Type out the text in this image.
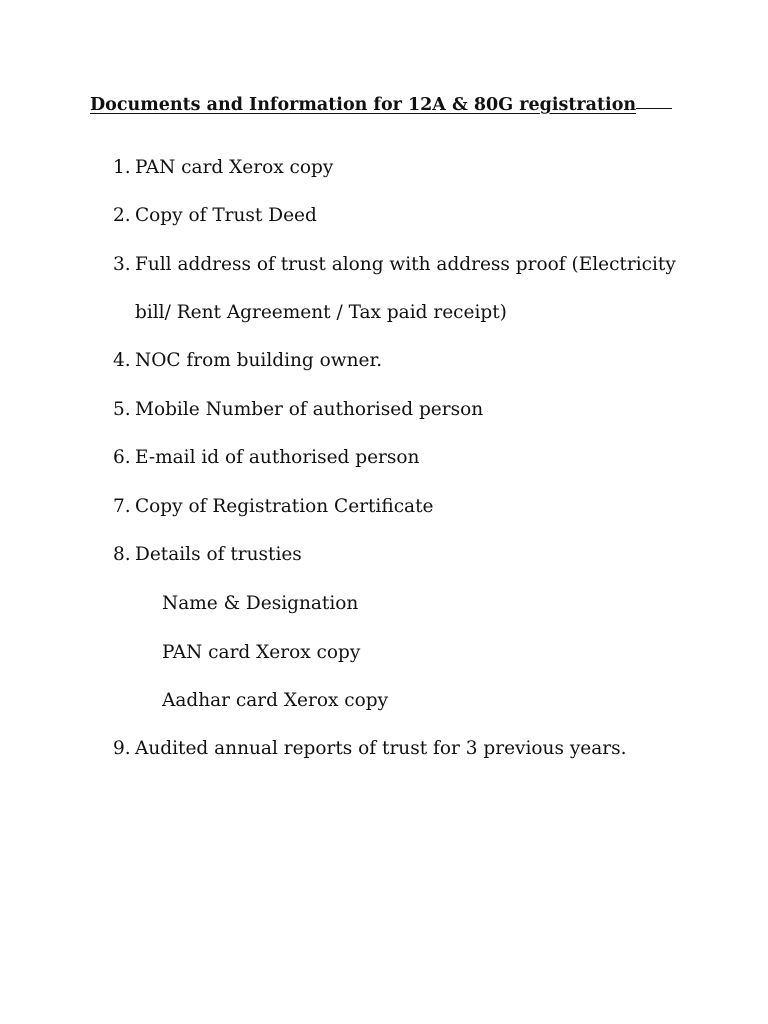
Documents and Information for 12A & 80G registration
1. PAN card Xerox copy
2. Copy of Trust Deed
3. Full address of trust along with address proof (Electricity
bill/ Rent Agreement / Tax paid receipt)
4. NOC from building owner.
5. Mobile Number of authorised person
6. E-mail id of authorised person
7. Copy of Registration Certificate
8. Details of trusties
Name & Designation
PAN card Xerox copy
Aadhar card Xerox copy
9. Audited annual reports of trust for 3 previous years.
